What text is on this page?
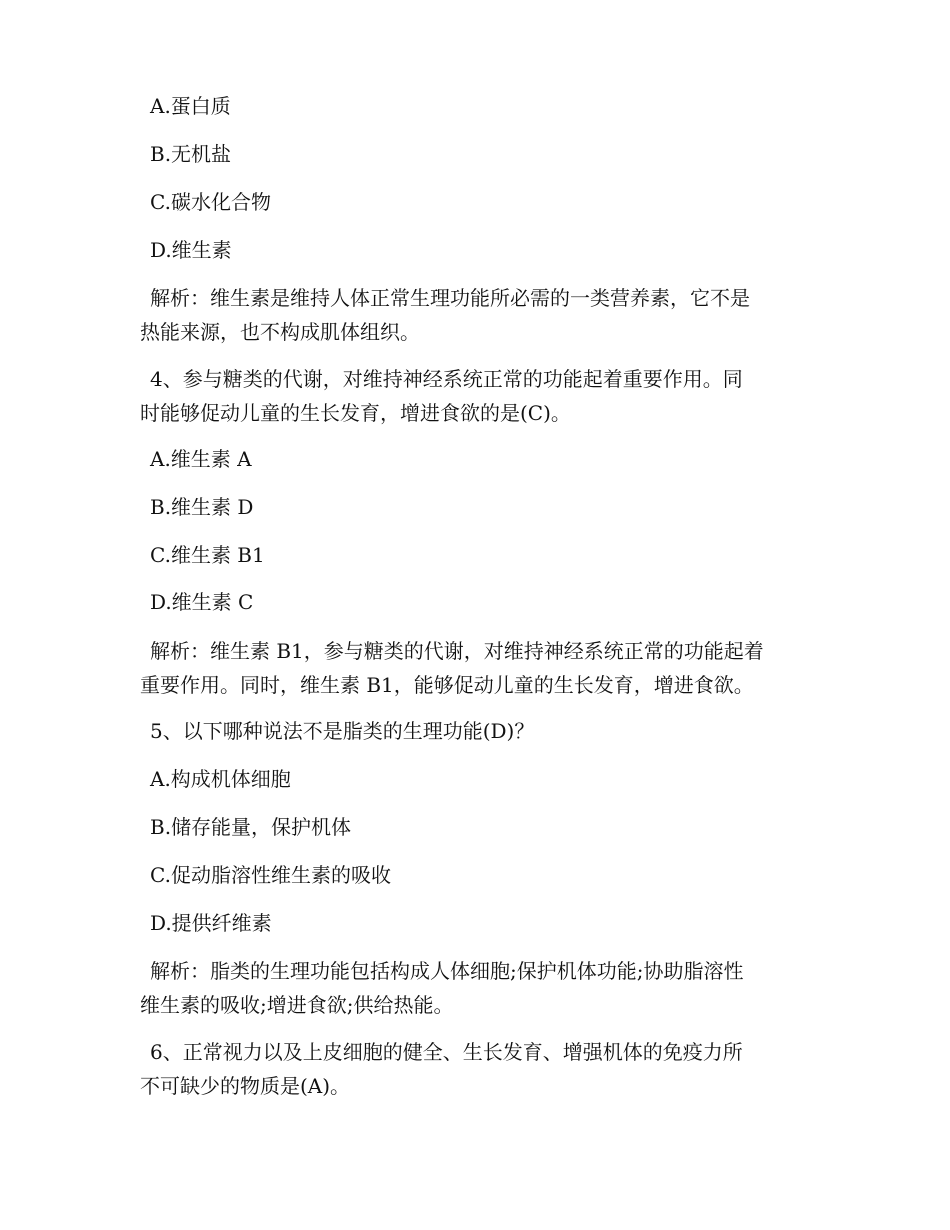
A.蛋白质
B.无机盐
C.碳水化合物
D.维生素
解析：维生素是维持人体正常生理功能所必需的一类营养素，它不是
热能来源，也不构成肌体组织。
4、参与糖类的代谢，对维持神经系统正常的功能起着重要作用。同
时能够促动儿童的生长发育，增进食欲的是(C)。
A.维生素 A
B.维生素 D
C.维生素 B1
D.维生素 C
解析：维生素 B1，参与糖类的代谢，对维持神经系统正常的功能起着
重要作用。同时，维生素 B1，能够促动儿童的生长发育，增进食欲。
5、以下哪种说法不是脂类的生理功能(D)？
A.构成机体细胞
B.储存能量，保护机体
C.促动脂溶性维生素的吸收
D.提供纤维素
解析：脂类的生理功能包括构成人体细胞;保护机体功能;协助脂溶性
维生素的吸收;增进食欲;供给热能。
6、正常视力以及上皮细胞的健全、生长发育、增强机体的免疫力所
不可缺少的物质是(A)。
